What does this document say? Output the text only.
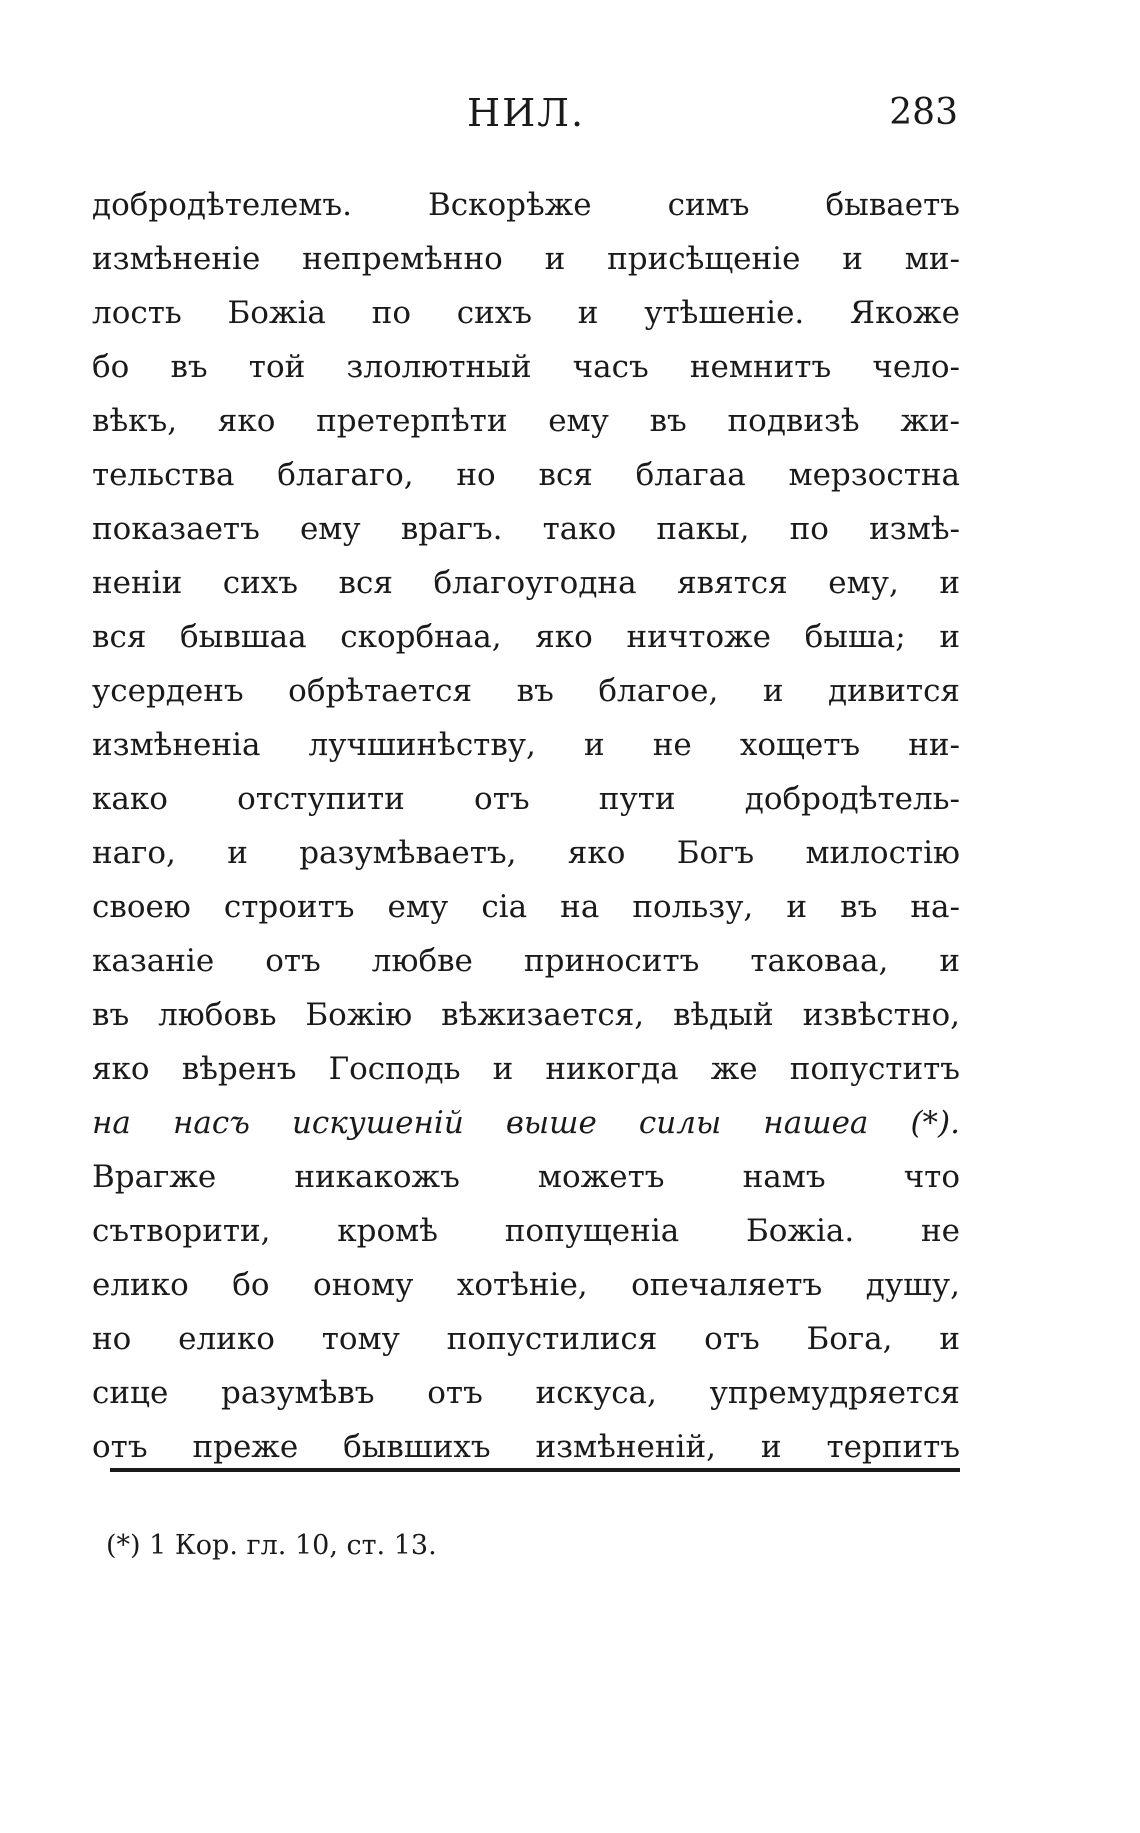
НИЛ.	283
добродѣтелемъ. Вскорѣже симъ бываетъ
измѣненіе непремѣнно и присѣщеніе и ми-
лость Божіа по сихъ и утѣшеніе. Якоже
бо въ той злолютный часъ немнитъ чело-
вѣкъ, яко претерпѣти ему въ подвизѣ жи-
тельства благаго, но вся благаа мерзостна
показаетъ ему врагъ. тако пакы, по измѣ-
неніи сихъ вся благоугодна явятся ему, и
вся бывшаа скорбнаа, яко ничтоже быша; и
усерденъ обрѣтается въ благое, и дивится
измѣненіа лучшинѣству, и не хощетъ ни-
како отступити отъ пути добродѣтель-
наго, и разумѣваетъ, яко Богъ милостію
своею строитъ ему сіа на пользу, и въ на-
казаніе отъ любве приноситъ таковаа, и
въ любовь Божію вѣжизается, вѣдый извѣстно,
яко вѣренъ Господь и никогда же попуститъ
на насъ искушеній выше силы нашеа (*).
Врагже никакожъ можетъ намъ что
сътворити, кромѣ попущеніа Божіа. не
елико бо оному хотѣніе, опечаляетъ душу,
но елико тому попустилися отъ Бога, и
сице разумѣвъ отъ искуса, упремудряется
отъ преже бывшихъ измѣненій, и терпитъ
(*) 1 Кор. гл. 10, ст. 13.
